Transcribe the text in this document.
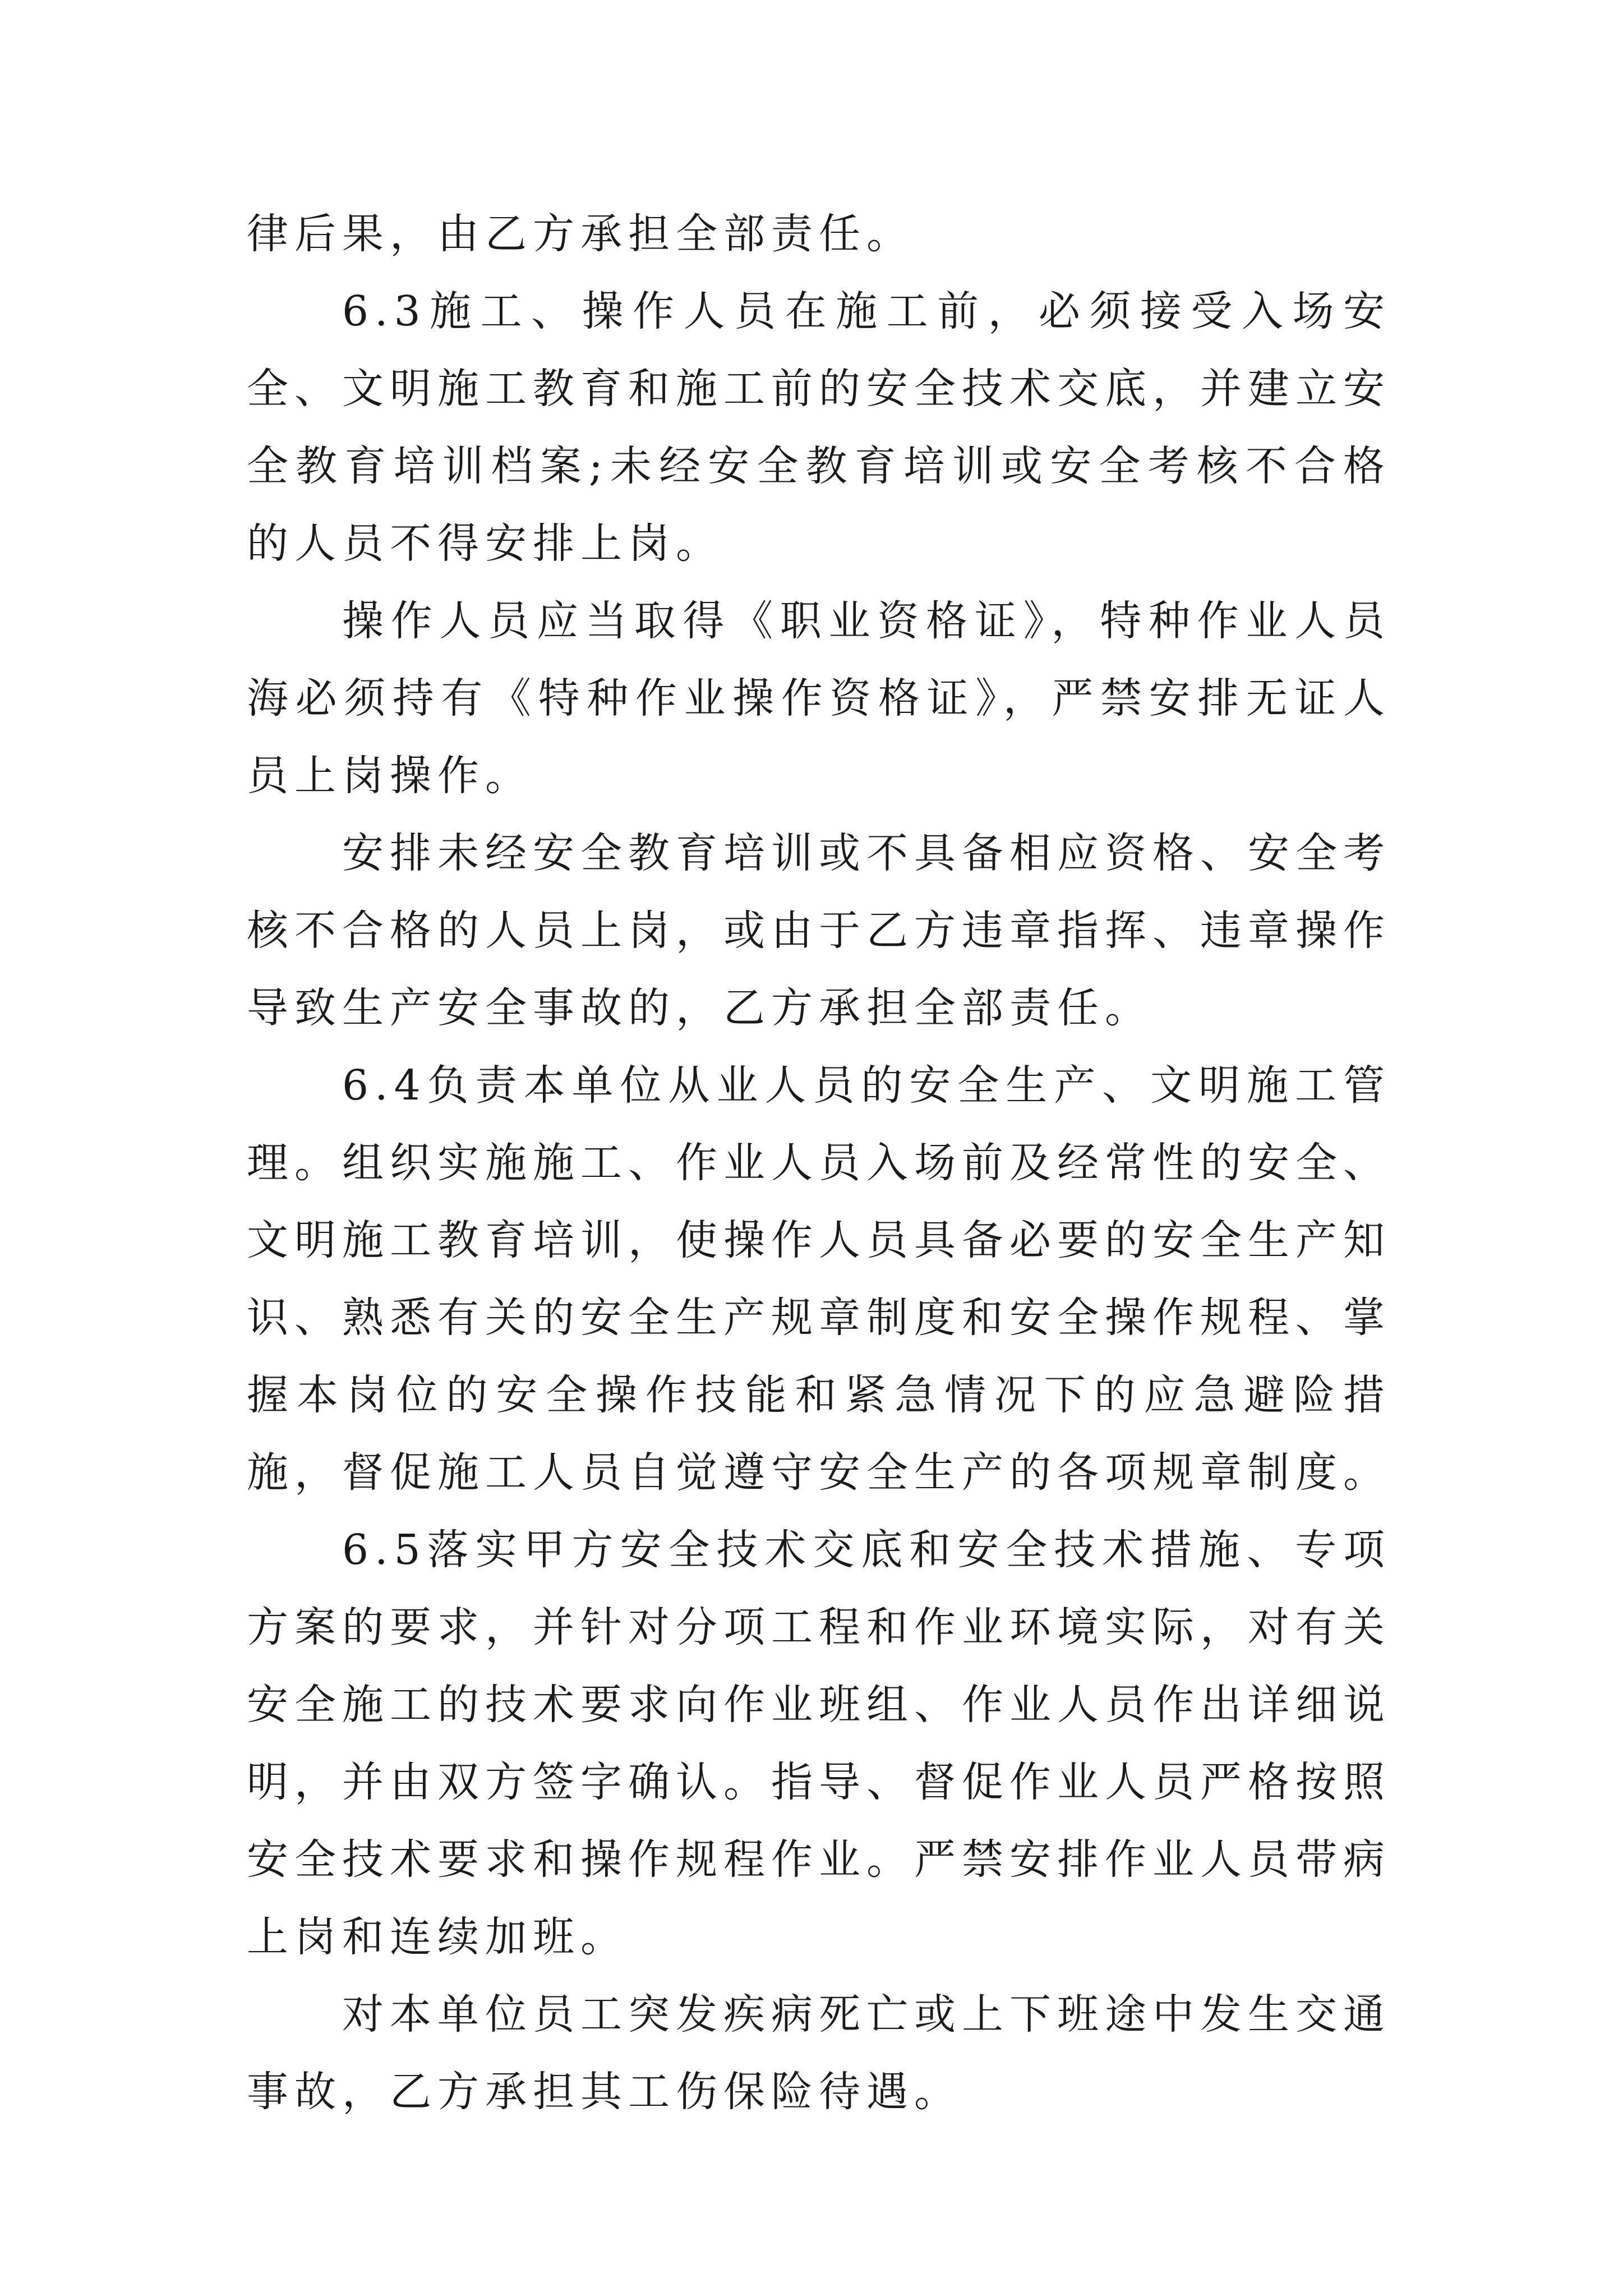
律后果，由乙方承担全部责任。

6.3施工、操作人员在施工前，必须接受入场安全、文明施工教育和施工前的安全技术交底，并建立安全教育培训档案;未经安全教育培训或安全考核不合格的人员不得安排上岗。

操作人员应当取得《职业资格证》，特种作业人员海必须持有《特种作业操作资格证》，严禁安排无证人员上岗操作。

安排未经安全教育培训或不具备相应资格、安全考核不合格的人员上岗，或由于乙方违章指挥、违章操作导致生产安全事故的，乙方承担全部责任。

6.4负责本单位从业人员的安全生产、文明施工管理。组织实施施工、作业人员入场前及经常性的安全、文明施工教育培训，使操作人员具备必要的安全生产知识、熟悉有关的安全生产规章制度和安全操作规程、掌握本岗位的安全操作技能和紧急情况下的应急避险措施，督促施工人员自觉遵守安全生产的各项规章制度。

6.5落实甲方安全技术交底和安全技术措施、专项方案的要求，并针对分项工程和作业环境实际，对有关安全施工的技术要求向作业班组、作业人员作出详细说明，并由双方签字确认。指导、督促作业人员严格按照安全技术要求和操作规程作业。严禁安排作业人员带病上岗和连续加班。

对本单位员工突发疾病死亡或上下班途中发生交通事故，乙方承担其工伤保险待遇。
